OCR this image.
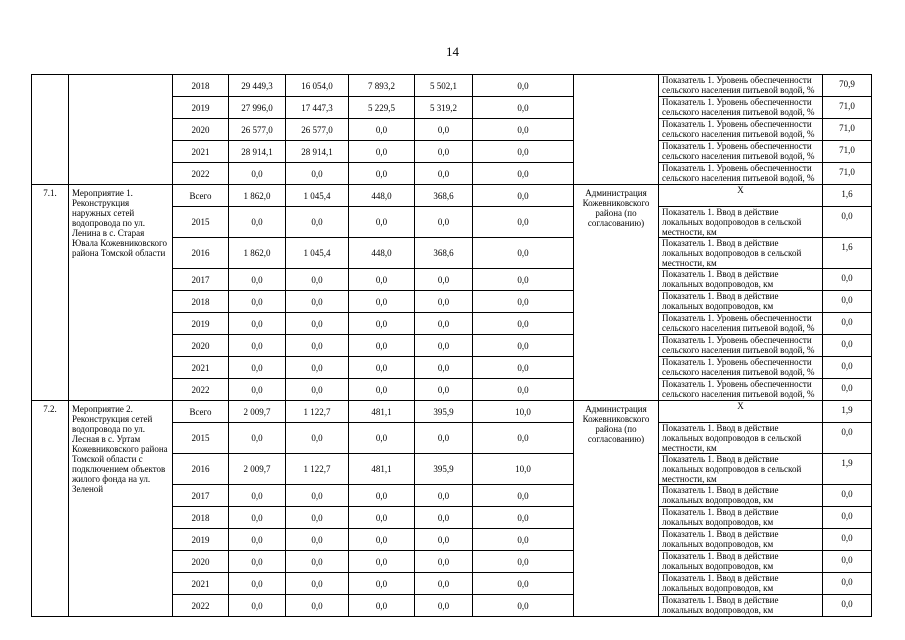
14
		2018	29 449,3	16 054,0	7 893,2	5 502,1	0,0		Показатель 1. Уровень обеспеченности сельского населения питьевой водой, %	70,9
		2019	27 996,0	17 447,3	5 229,5	5 319,2	0,0		Показатель 1. Уровень обеспеченности сельского населения питьевой водой, %	71,0
		2020	26 577,0	26 577,0	0,0	0,0	0,0		Показатель 1. Уровень обеспеченности сельского населения питьевой водой, %	71,0
		2021	28 914,1	28 914,1	0,0	0,0	0,0		Показатель 1. Уровень обеспеченности сельского населения питьевой водой, %	71,0
		2022	0,0	0,0	0,0	0,0	0,0		Показатель 1. Уровень обеспеченности сельского населения питьевой водой, %	71,0
7.1.	Мероприятие 1. Реконструкция наружных сетей водопровода по ул. Ленина в с. Старая Ювала Кожевниковского района Томской области	Всего	1 862,0	1 045,4	448,0	368,6	0,0	Администрация Кожевниковского района (по согласованию)	X	1,6
		2015	0,0	0,0	0,0	0,0	0,0		Показатель 1. Ввод в действие локальных водопроводов в сельской местности, км	0,0
		2016	1 862,0	1 045,4	448,0	368,6	0,0		Показатель 1. Ввод в действие локальных водопроводов в сельской местности, км	1,6
		2017	0,0	0,0	0,0	0,0	0,0		Показатель 1. Ввод в действие локальных водопроводов, км	0,0
		2018	0,0	0,0	0,0	0,0	0,0		Показатель 1. Ввод в действие локальных водопроводов, км	0,0
		2019	0,0	0,0	0,0	0,0	0,0		Показатель 1. Уровень обеспеченности сельского населения питьевой водой, %	0,0
		2020	0,0	0,0	0,0	0,0	0,0		Показатель 1. Уровень обеспеченности сельского населения питьевой водой, %	0,0
		2021	0,0	0,0	0,0	0,0	0,0		Показатель 1. Уровень обеспеченности сельского населения питьевой водой, %	0,0
		2022	0,0	0,0	0,0	0,0	0,0		Показатель 1. Уровень обеспеченности сельского населения питьевой водой, %	0,0
7.2.	Мероприятие 2. Реконструкция сетей водопровода по ул. Лесная в с. Уртам Кожевниковского района Томской области с подключением объектов жилого фонда на ул. Зеленой	Всего	2 009,7	1 122,7	481,1	395,9	10,0	Администрация Кожевниковского района (по согласованию)	X	1,9
		2015	0,0	0,0	0,0	0,0	0,0		Показатель 1. Ввод в действие локальных водопроводов в сельской местности, км	0,0
		2016	2 009,7	1 122,7	481,1	395,9	10,0		Показатель 1. Ввод в действие локальных водопроводов в сельской местности, км	1,9
		2017	0,0	0,0	0,0	0,0	0,0		Показатель 1. Ввод в действие локальных водопроводов, км	0,0
		2018	0,0	0,0	0,0	0,0	0,0		Показатель 1. Ввод в действие локальных водопроводов, км	0,0
		2019	0,0	0,0	0,0	0,0	0,0		Показатель 1. Ввод в действие локальных водопроводов, км	0,0
		2020	0,0	0,0	0,0	0,0	0,0		Показатель 1. Ввод в действие локальных водопроводов, км	0,0
		2021	0,0	0,0	0,0	0,0	0,0		Показатель 1. Ввод в действие локальных водопроводов, км	0,0
		2022	0,0	0,0	0,0	0,0	0,0		Показатель 1. Ввод в действие локальных водопроводов, км	0,0
